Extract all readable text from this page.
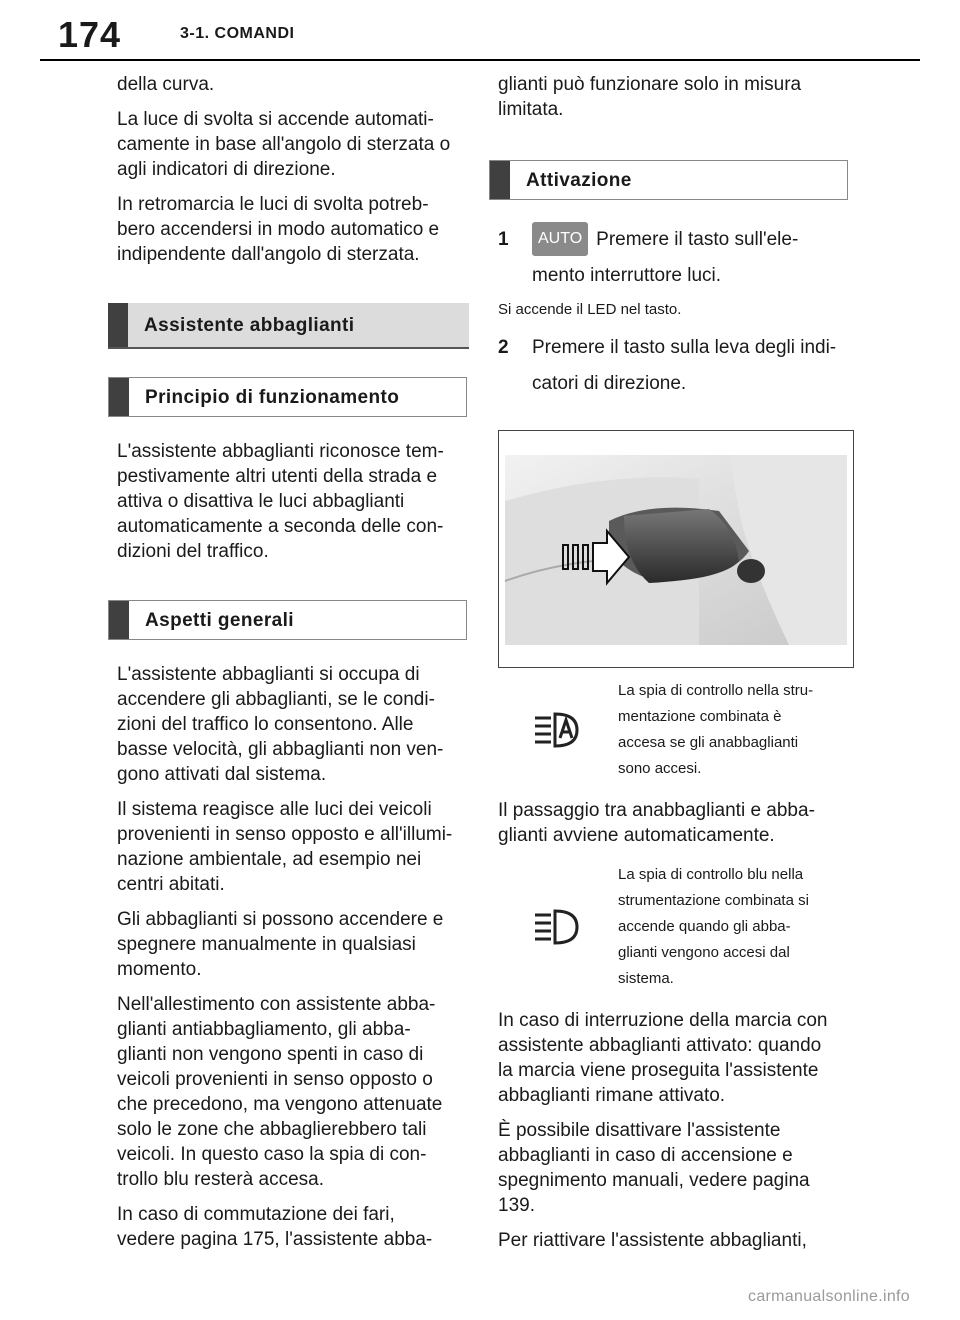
174	3-1. COMANDI

della curva.

La luce di svolta si accende automati-
camente in base all'angolo di sterzata o
agli indicatori di direzione.

In retromarcia le luci di svolta potreb-
bero accendersi in modo automatico e
indipendente dall'angolo di sterzata.

Assistente abbaglianti
Principio di funzionamento

L'assistente abbaglianti riconosce tem-
pestivamente altri utenti della strada e
attiva o disattiva le luci abbaglianti
automaticamente a seconda delle con-
dizioni del traffico.

Aspetti generali

L'assistente abbaglianti si occupa di
accendere gli abbaglianti, se le condi-
zioni del traffico lo consentono. Alle
basse velocità, gli abbaglianti non ven-
gono attivati dal sistema.

Il sistema reagisce alle luci dei veicoli
provenienti in senso opposto e all'illumi-
nazione ambientale, ad esempio nei
centri abitati.

Gli abbaglianti si possono accendere e
spegnere manualmente in qualsiasi
momento.

Nell'allestimento con assistente abba-
glianti antiabbagliamento, gli abba-
glianti non vengono spenti in caso di
veicoli provenienti in senso opposto o
che precedono, ma vengono attenuate
solo le zone che abbaglierebbero tali
veicoli. In questo caso la spia di con-
trollo blu resterà accesa.

In caso di commutazione dei fari,
vedere pagina 175, l'assistente abba-

glianti può funzionare solo in misura
limitata.

Attivazione
1	AUTO Premere il tasto sull'ele-
mento interruttore luci.

Si accende il LED nel tasto.

2	Premere il tasto sulla leva degli indi-
catori di direzione.
La spia di controllo nella stru-
mentazione combinata è
accesa se gli anabbaglianti
sono accesi.

Il passaggio tra anabbaglianti e abba-
glianti avviene automaticamente.

La spia di controllo blu nella
strumentazione combinata si
accende quando gli abba-
glianti vengono accesi dal
sistema.

In caso di interruzione della marcia con
assistente abbaglianti attivato: quando
la marcia viene proseguita l'assistente
abbaglianti rimane attivato.

È possibile disattivare l'assistente
abbaglianti in caso di accensione e
spegnimento manuali, vedere pagina
139.

Per riattivare l'assistente abbaglianti,

carmanualsonline.info
